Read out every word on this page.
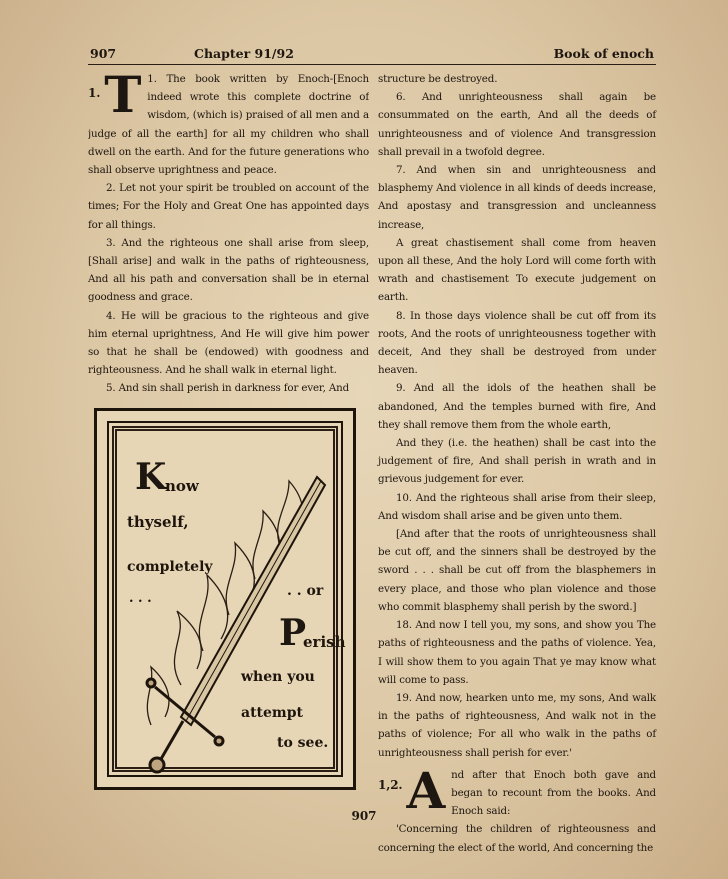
907	Chapter 91/92	Book of enoch
1. T 1. The book written by Enoch-[Enoch indeed wrote this complete doctrine of wisdom, (which is) praised of all men and a judge of all the earth] for all my children who shall dwell on the earth. And for the future generations who shall observe uprightness and peace.

2. Let not your spirit be troubled on account of the times; For the Holy and Great One has appointed days for all things.

3. And the righteous one shall arise from sleep, [Shall arise] and walk in the paths of righteousness, And all his path and conversation shall be in eternal goodness and grace.

4. He will be gracious to the righteous and give him eternal uprightness, And He will give him power so that he shall be (endowed) with goodness and righteousness. And he shall walk in eternal light.

5. And sin shall perish in darkness for ever, And

K
now
thyself,
completely
. . .	. . or
P
erish
when you
attempt
to see.

structure be destroyed.

6. And unrighteousness shall again be consummated on the earth, And all the deeds of unrighteousness and of violence And transgression shall prevail in a twofold degree.

7. And when sin and unrighteousness and blasphemy And violence in all kinds of deeds increase, And apostasy and transgression and uncleanness increase,

A great chastisement shall come from heaven upon all these, And the holy Lord will come forth with wrath and chastisement To execute judgement on earth.

8. In those days violence shall be cut off from its roots, And the roots of unrighteousness together with deceit, And they shall be destroyed from under heaven.

9. And all the idols of the heathen shall be abandoned, And the temples burned with fire, And they shall remove them from the whole earth,

And they (i.e. the heathen) shall be cast into the judgement of fire, And shall perish in wrath and in grievous judgement for ever.

10. And the righteous shall arise from their sleep, And wisdom shall arise and be given unto them.

[And after that the roots of unrighteousness shall be cut off, and the sinners shall be destroyed by the sword . . . shall be cut off from the blasphemers in every place, and those who plan violence and those who commit blasphemy shall perish by the sword.]

18. And now I tell you, my sons, and show you The paths of righteousness and the paths of violence. Yea, I will show them to you again That ye may know what will come to pass.

19. And now, hearken unto me, my sons, And walk in the paths of righteousness, And walk not in the paths of violence; For all who walk in the paths of unrighteousness shall perish for ever.'

1,2. A nd after that Enoch both gave and began to recount from the books. And Enoch said:

'Concerning the children of righteousness and concerning the elect of the world, And concerning the

907
